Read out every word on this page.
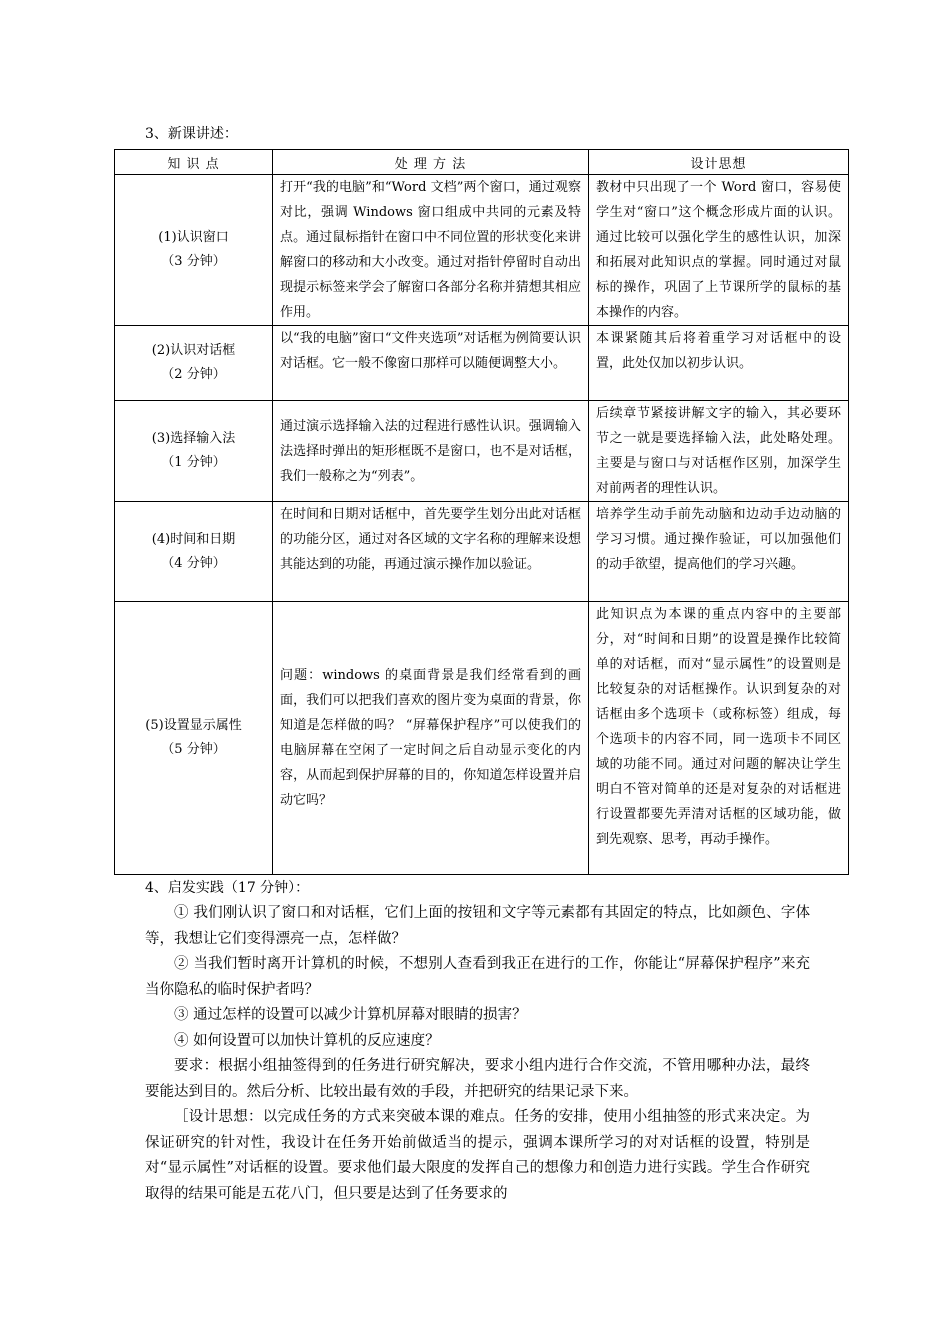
3、新课讲述：
知 识 点	处 理 方 法	设计思想

(1)认识窗口
（3 分钟）	打开“我的电脑”和“Word 文档”两个窗口，通过观察对比，强调 Windows 窗口组成中共同的元素及特点。通过鼠标指针在窗口中不同位置的形状变化来讲解窗口的移动和大小改变。通过对指针停留时自动出现提示标签来学会了解窗口各部分名称并猜想其相应作用。	教材中只出现了一个 Word 窗口，容易使学生对“窗口”这个概念形成片面的认识。通过比较可以强化学生的感性认识，加深和拓展对此知识点的掌握。同时通过对鼠标的操作，巩固了上节课所学的鼠标的基本操作的内容。

(2)认识对话框
（2 分钟）	以“我的电脑”窗口“文件夹选项”对话框为例简要认识对话框。它一般不像窗口那样可以随便调整大小。	本课紧随其后将着重学习对话框中的设置，此处仅加以初步认识。

(3)选择输入法
（1 分钟）	通过演示选择输入法的过程进行感性认识。强调输入法选择时弹出的矩形框既不是窗口，也不是对话框，我们一般称之为“列表”。	后续章节紧接讲解文字的输入，其必要环节之一就是要选择输入法，此处略处理。主要是与窗口与对话框作区别，加深学生对前两者的理性认识。

(4)时间和日期
（4 分钟）	在时间和日期对话框中，首先要学生划分出此对话框的功能分区，通过对各区域的文字名称的理解来设想其能达到的功能，再通过演示操作加以验证。	培养学生动手前先动脑和边动手边动脑的学习习惯。通过操作验证，可以加强他们的动手欲望，提高他们的学习兴趣。

(5)设置显示属性
（5 分钟）	问题：windows 的桌面背景是我们经常看到的画面，我们可以把我们喜欢的图片变为桌面的背景，你知道是怎样做的吗？ “屏幕保护程序”可以使我们的电脑屏幕在空闲了一定时间之后自动显示变化的内容，从而起到保护屏幕的目的，你知道怎样设置并启动它吗？	此知识点为本课的重点内容中的主要部分，对“时间和日期”的设置是操作比较简单的对话框，而对“显示属性”的设置则是比较复杂的对话框操作。认识到复杂的对话框由多个选项卡（或称标签）组成，每个选项卡的内容不同，同一选项卡不同区域的功能不同。通过对问题的解决让学生明白不管对简单的还是对复杂的对话框进行设置都要先弄清对话框的区域功能，做到先观察、思考，再动手操作。
4、启发实践（17 分钟）：

① 我们刚认识了窗口和对话框，它们上面的按钮和文字等元素都有其固定的特点，比如颜色、字体等，我想让它们变得漂亮一点，怎样做？

② 当我们暂时离开计算机的时候，不想别人查看到我正在进行的工作，你能让“屏幕保护程序”来充当你隐私的临时保护者吗？

③ 通过怎样的设置可以减少计算机屏幕对眼睛的损害？

④ 如何设置可以加快计算机的反应速度？

要求：根据小组抽签得到的任务进行研究解决，要求小组内进行合作交流，不管用哪种办法，最终要能达到目的。然后分析、比较出最有效的手段，并把研究的结果记录下来。

［设计思想：以完成任务的方式来突破本课的难点。任务的安排，使用小组抽签的形式来决定。为保证研究的针对性，我设计在任务开始前做适当的提示，强调本课所学习的对对话框的设置，特别是对“显示属性”对话框的设置。要求他们最大限度的发挥自己的想像力和创造力进行实践。学生合作研究取得的结果可能是五花八门，但只要是达到了任务要求的
